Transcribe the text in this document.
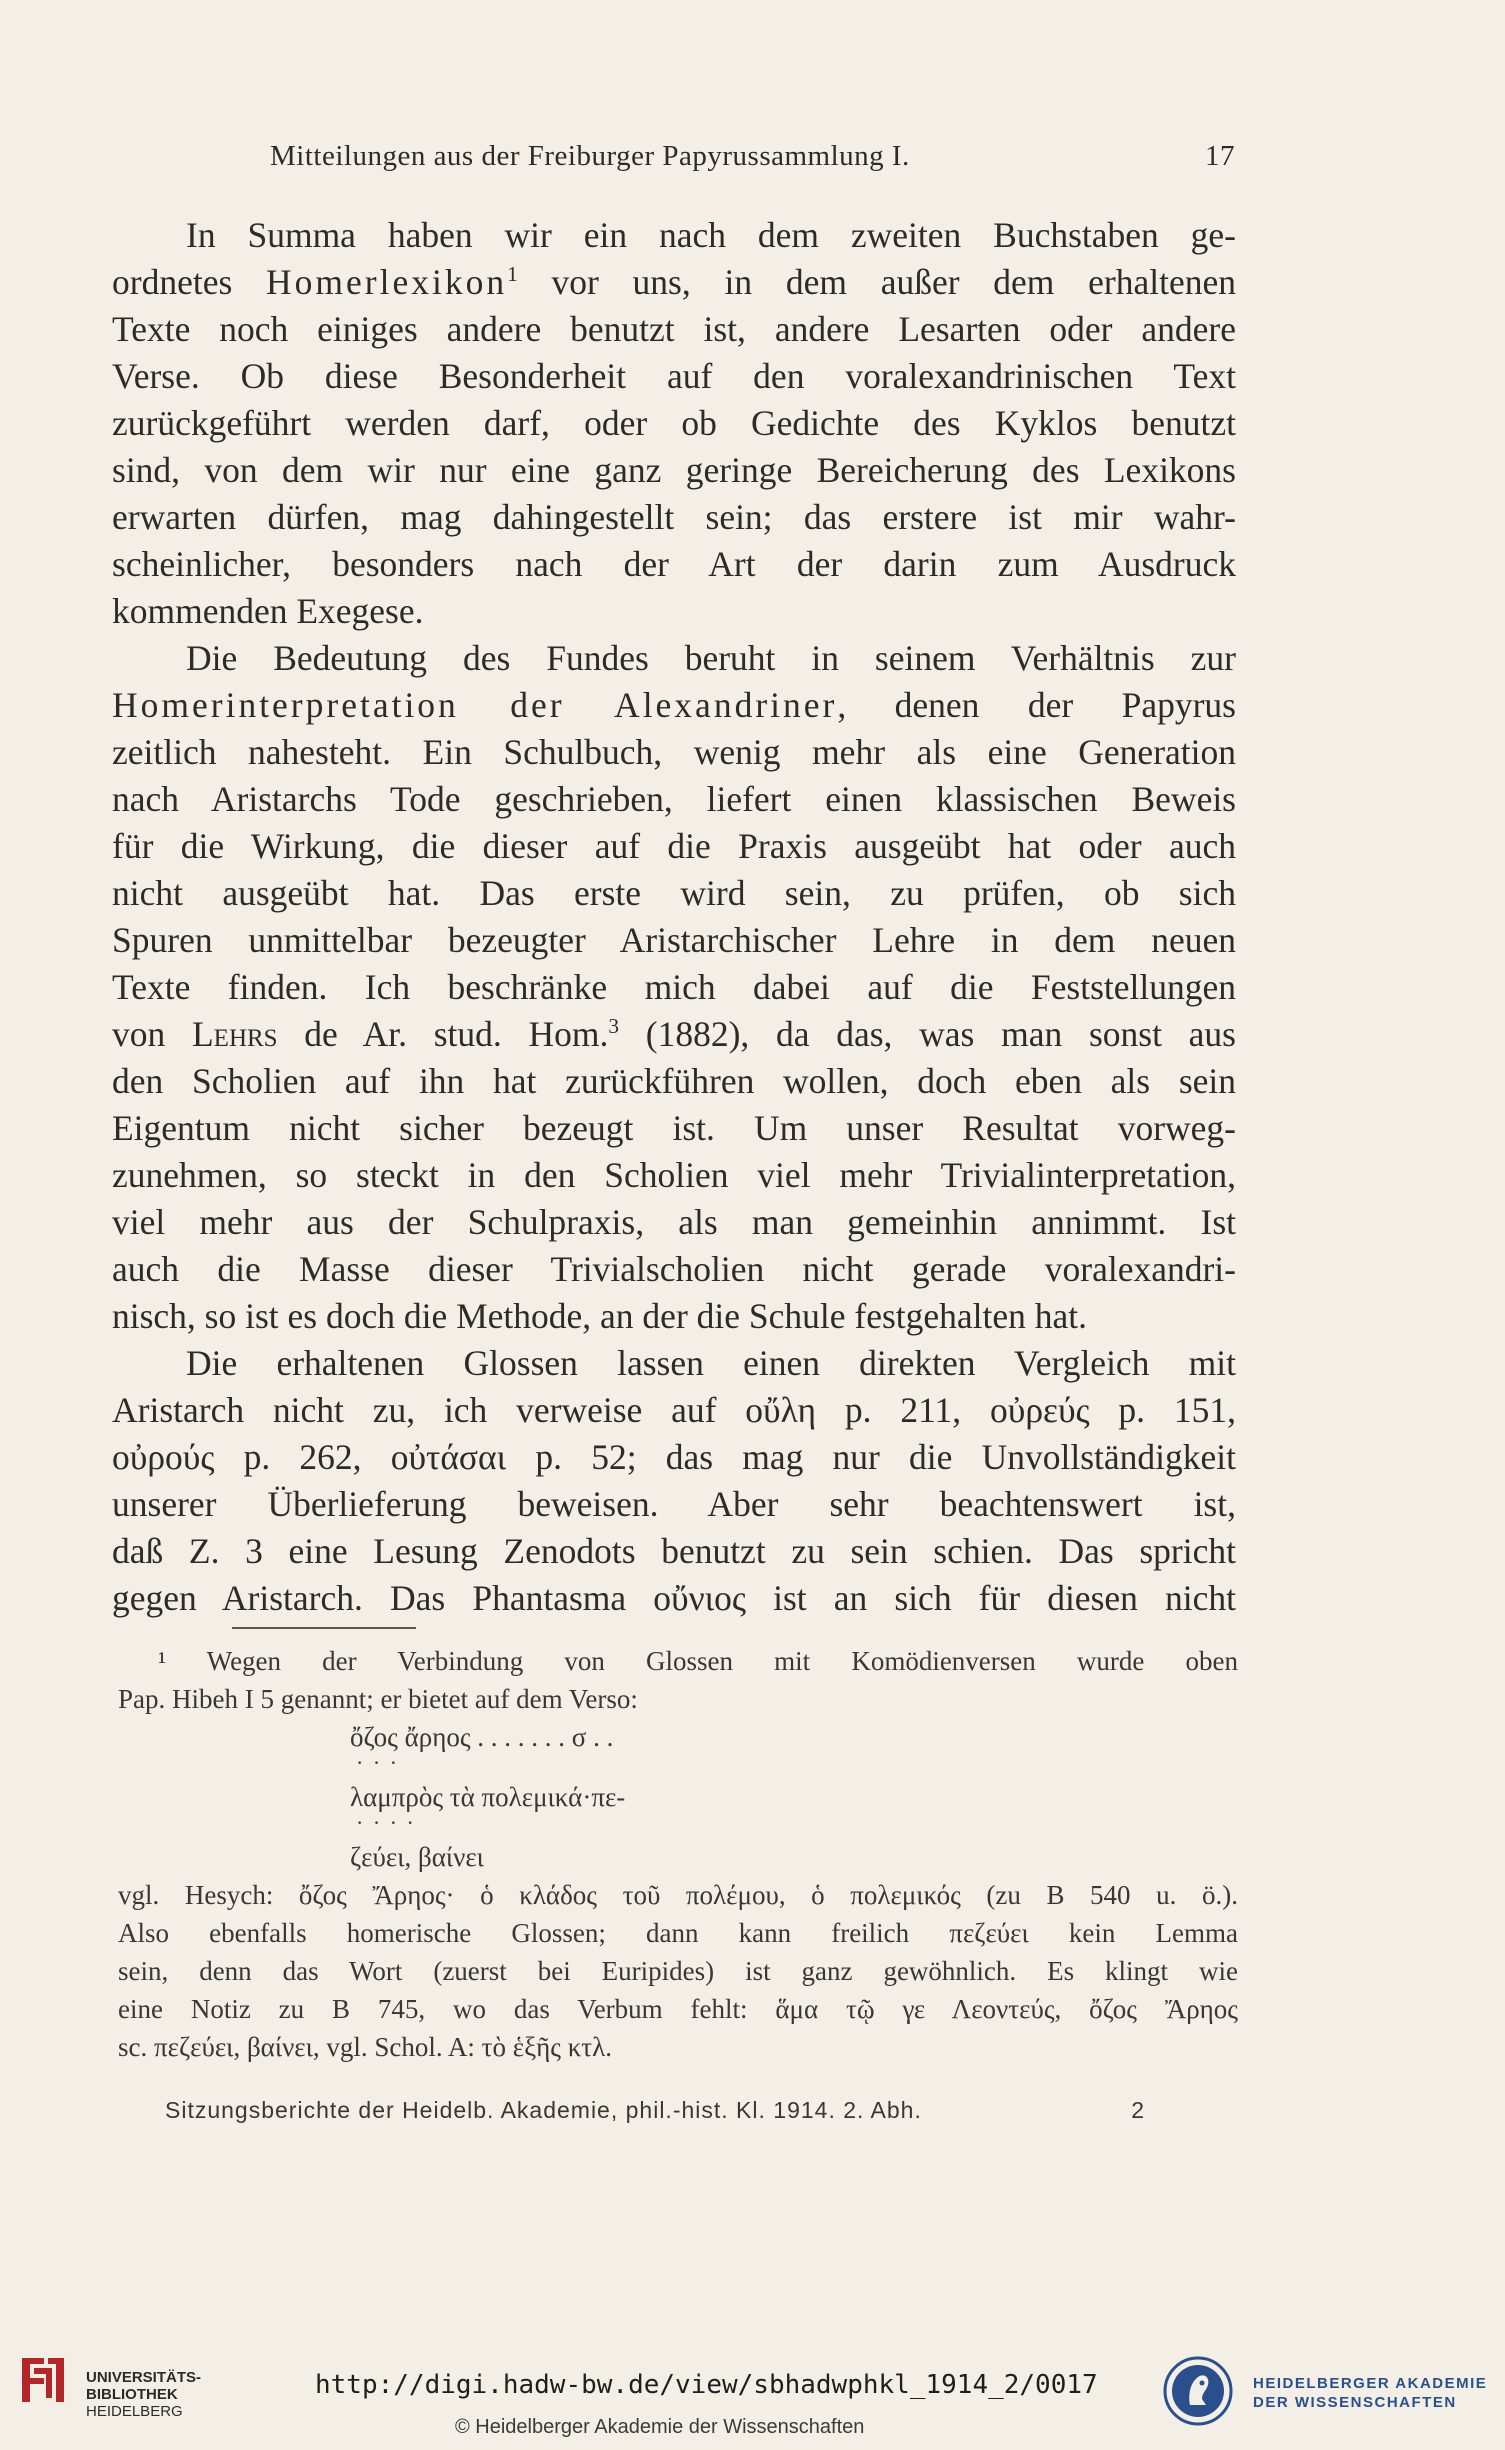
Mitteilungen aus der Freiburger Papyrussammlung I.	17
In Summa haben wir ein nach dem zweiten Buchstaben ge-
ordnetes Homerlexikon$^1$ vor uns, in dem außer dem erhaltenen
Texte noch einiges andere benutzt ist, andere Lesarten oder andere
Verse. Ob diese Besonderheit auf den voralexandrinischen Text
zurückgeführt werden darf, oder ob Gedichte des Kyklos benutzt
sind, von dem wir nur eine ganz geringe Bereicherung des Lexikons
erwarten dürfen, mag dahingestellt sein; das erstere ist mir wahr-
scheinlicher, besonders nach der Art der darin zum Ausdruck
kommenden Exegese.
Die Bedeutung des Fundes beruht in seinem Verhältnis zur
Homerinterpretation der Alexandriner, denen der Papyrus
zeitlich nahesteht. Ein Schulbuch, wenig mehr als eine Generation
nach Aristarchs Tode geschrieben, liefert einen klassischen Beweis
für die Wirkung, die dieser auf die Praxis ausgeübt hat oder auch
nicht ausgeübt hat. Das erste wird sein, zu prüfen, ob sich
Spuren unmittelbar bezeugter Aristarchischer Lehre in dem neuen
Texte finden. Ich beschränke mich dabei auf die Feststellungen
von Lehrs de Ar. stud. Hom.$^3$ (1882), da das, was man sonst aus
den Scholien auf ihn hat zurückführen wollen, doch eben als sein
Eigentum nicht sicher bezeugt ist. Um unser Resultat vorweg-
zunehmen, so steckt in den Scholien viel mehr Trivialinterpretation,
viel mehr aus der Schulpraxis, als man gemeinhin annimmt. Ist
auch die Masse dieser Trivialscholien nicht gerade voralexandri-
nisch, so ist es doch die Methode, an der die Schule festgehalten hat.
Die erhaltenen Glossen lassen einen direkten Vergleich mit
Aristarch nicht zu, ich verweise auf οὔλη p. 211, οὐρεύς p. 151,
οὐρούς p. 262, οὐτάσαι p. 52; das mag nur die Unvollständigkeit
unserer Überlieferung beweisen. Aber sehr beachtenswert ist,
daß Z. 3 eine Lesung Zenodots benutzt zu sein schien. Das spricht
gegen Aristarch. Das Phantasma οὔνιος ist an sich für diesen nicht
¹ Wegen der Verbindung von Glossen mit Komödienversen wurde oben
Pap. Hibeh I 5 genannt; er bietet auf dem Verso:
ὄζος ἄρηος . . . . . . . σ . .
· · ·
λαμπρὸς τὰ πολεμικά·πε-
· · · ·
ζεύει, βαίνει
vgl. Hesych: ὄζος Ἄρηος· ὁ κλάδος τοῦ πολέμου, ὁ πολεμικός (zu B 540 u. ö.).
Also ebenfalls homerische Glossen; dann kann freilich πεζεύει kein Lemma
sein, denn das Wort (zuerst bei Euripides) ist ganz gewöhnlich. Es klingt wie
eine Notiz zu B 745, wo das Verbum fehlt: ἅμα τῷ γε Λεοντεύς, ὄζος Ἄρηος
sc. πεζεύει, βαίνει, vgl. Schol. A: τὸ ἑξῆς κτλ.
Sitzungsberichte der Heidelb. Akademie, phil.-hist. Kl. 1914. 2. Abh.	2
UNIVERSITÄTS-
BIBLIOTHEK
HEIDELBERG
http://digi.hadw-bw.de/view/sbhadwphkl_1914_2/0017
© Heidelberger Akademie der Wissenschaften
HEIDELBERGER AKADEMIE
DER WISSENSCHAFTEN
